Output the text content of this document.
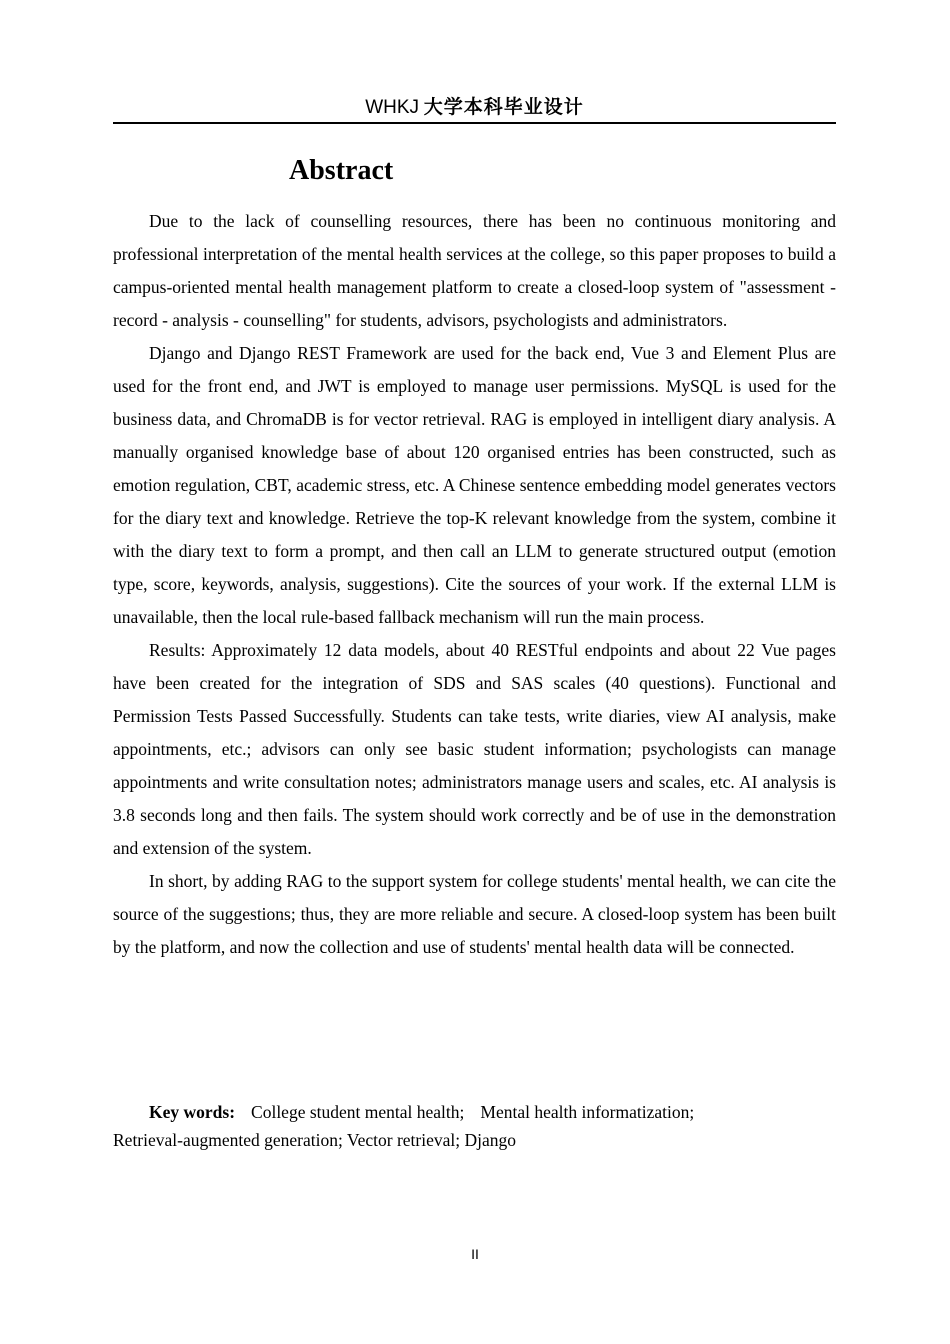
WHKJ 大学本科毕业设计
Abstract

Due to the lack of counselling resources, there has been no continuous monitoring and professional interpretation of the mental health services at the college, so this paper proposes to build a campus-oriented mental health management platform to create a closed-loop system of "assessment - record - analysis - counselling" for students, advisors, psychologists and administrators.

Django and Django REST Framework are used for the back end, Vue 3 and Element Plus are used for the front end, and JWT is employed to manage user permissions. MySQL is used for the business data, and ChromaDB is for vector retrieval. RAG is employed in intelligent diary analysis. A manually organised knowledge base of about 120 organised entries has been constructed, such as emotion regulation, CBT, academic stress, etc. A Chinese sentence embedding model generates vectors for the diary text and knowledge. Retrieve the top-K relevant knowledge from the system, combine it with the diary text to form a prompt, and then call an LLM to generate structured output (emotion type, score, keywords, analysis, suggestions). Cite the sources of your work. If the external LLM is unavailable, then the local rule-based fallback mechanism will run the main process.

Results: Approximately 12 data models, about 40 RESTful endpoints and about 22 Vue pages have been created for the integration of SDS and SAS scales (40 questions). Functional and Permission Tests Passed Successfully. Students can take tests, write diaries, view AI analysis, make appointments, etc.; advisors can only see basic student information; psychologists can manage appointments and write consultation notes; administrators manage users and scales, etc. AI analysis is 3.8 seconds long and then fails. The system should work correctly and be of use in the demonstration and extension of the system.

In short, by adding RAG to the support system for college students' mental health, we can cite the source of the suggestions; thus, they are more reliable and secure. A closed-loop system has been built by the platform, and now the collection and use of students' mental health data will be connected.

Key words: College student mental health; Mental health informatization;
Retrieval-augmented generation; Vector retrieval; Django
II
